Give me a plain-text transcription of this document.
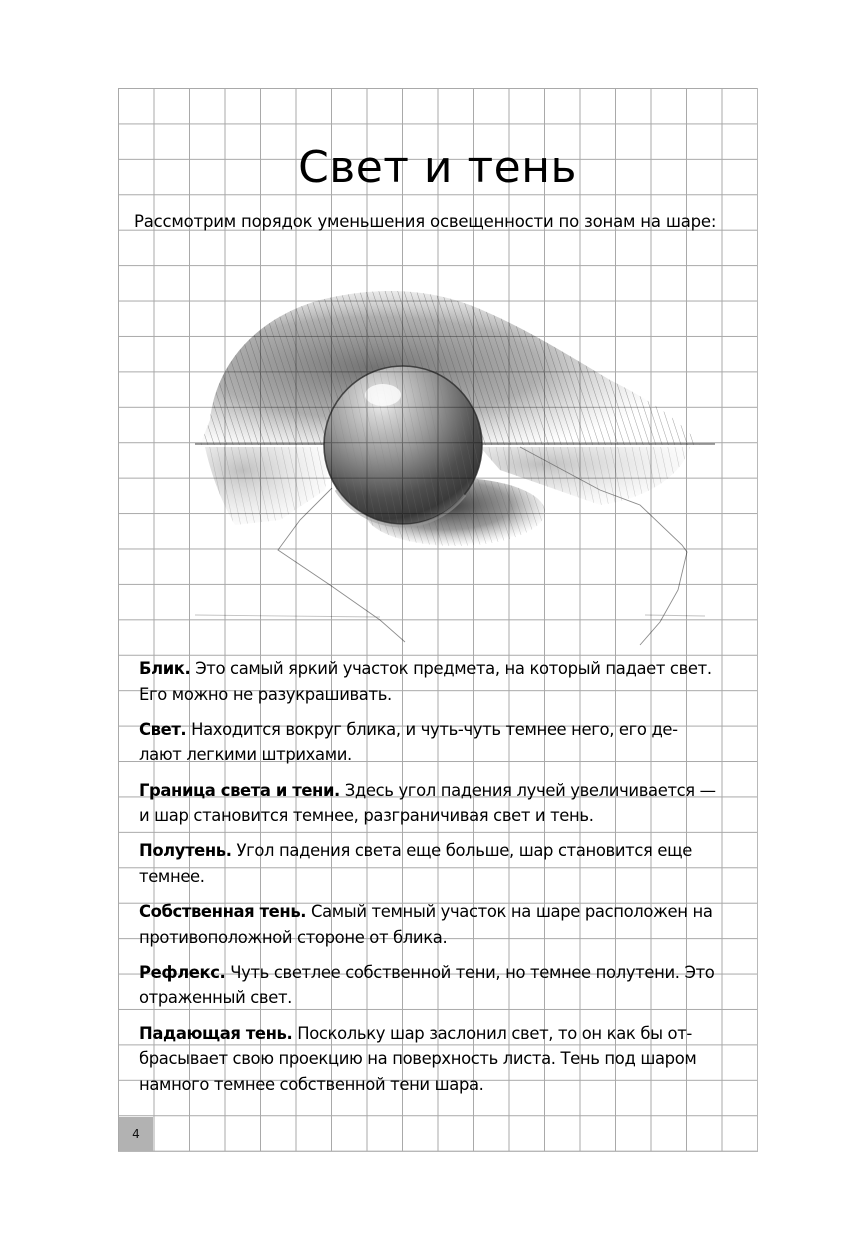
Свет и тень
Рассмотрим порядок уменьшения освещенности по зонам на шаре:

Блик. Это самый яркий участок предмета, на который падает свет.
Его можно не разукрашивать.

Свет. Находится вокруг блика, и чуть-чуть темнее него, его де-
лают легкими штрихами.

Граница света и тени. Здесь угол падения лучей увеличивается —
и шар становится темнее, разграничивая свет и тень.

Полутень. Угол падения света еще больше, шар становится еще
темнее.

Собственная тень. Самый темный участок на шаре расположен на
противоположной стороне от блика.

Рефлекс. Чуть светлее собственной тени, но темнее полутени. Это
отраженный свет.

Падающая тень. Поскольку шар заслонил свет, то он как бы от-
брасывает свою проекцию на поверхность листа. Тень под шаром
намного темнее собственной тени шара.

4
